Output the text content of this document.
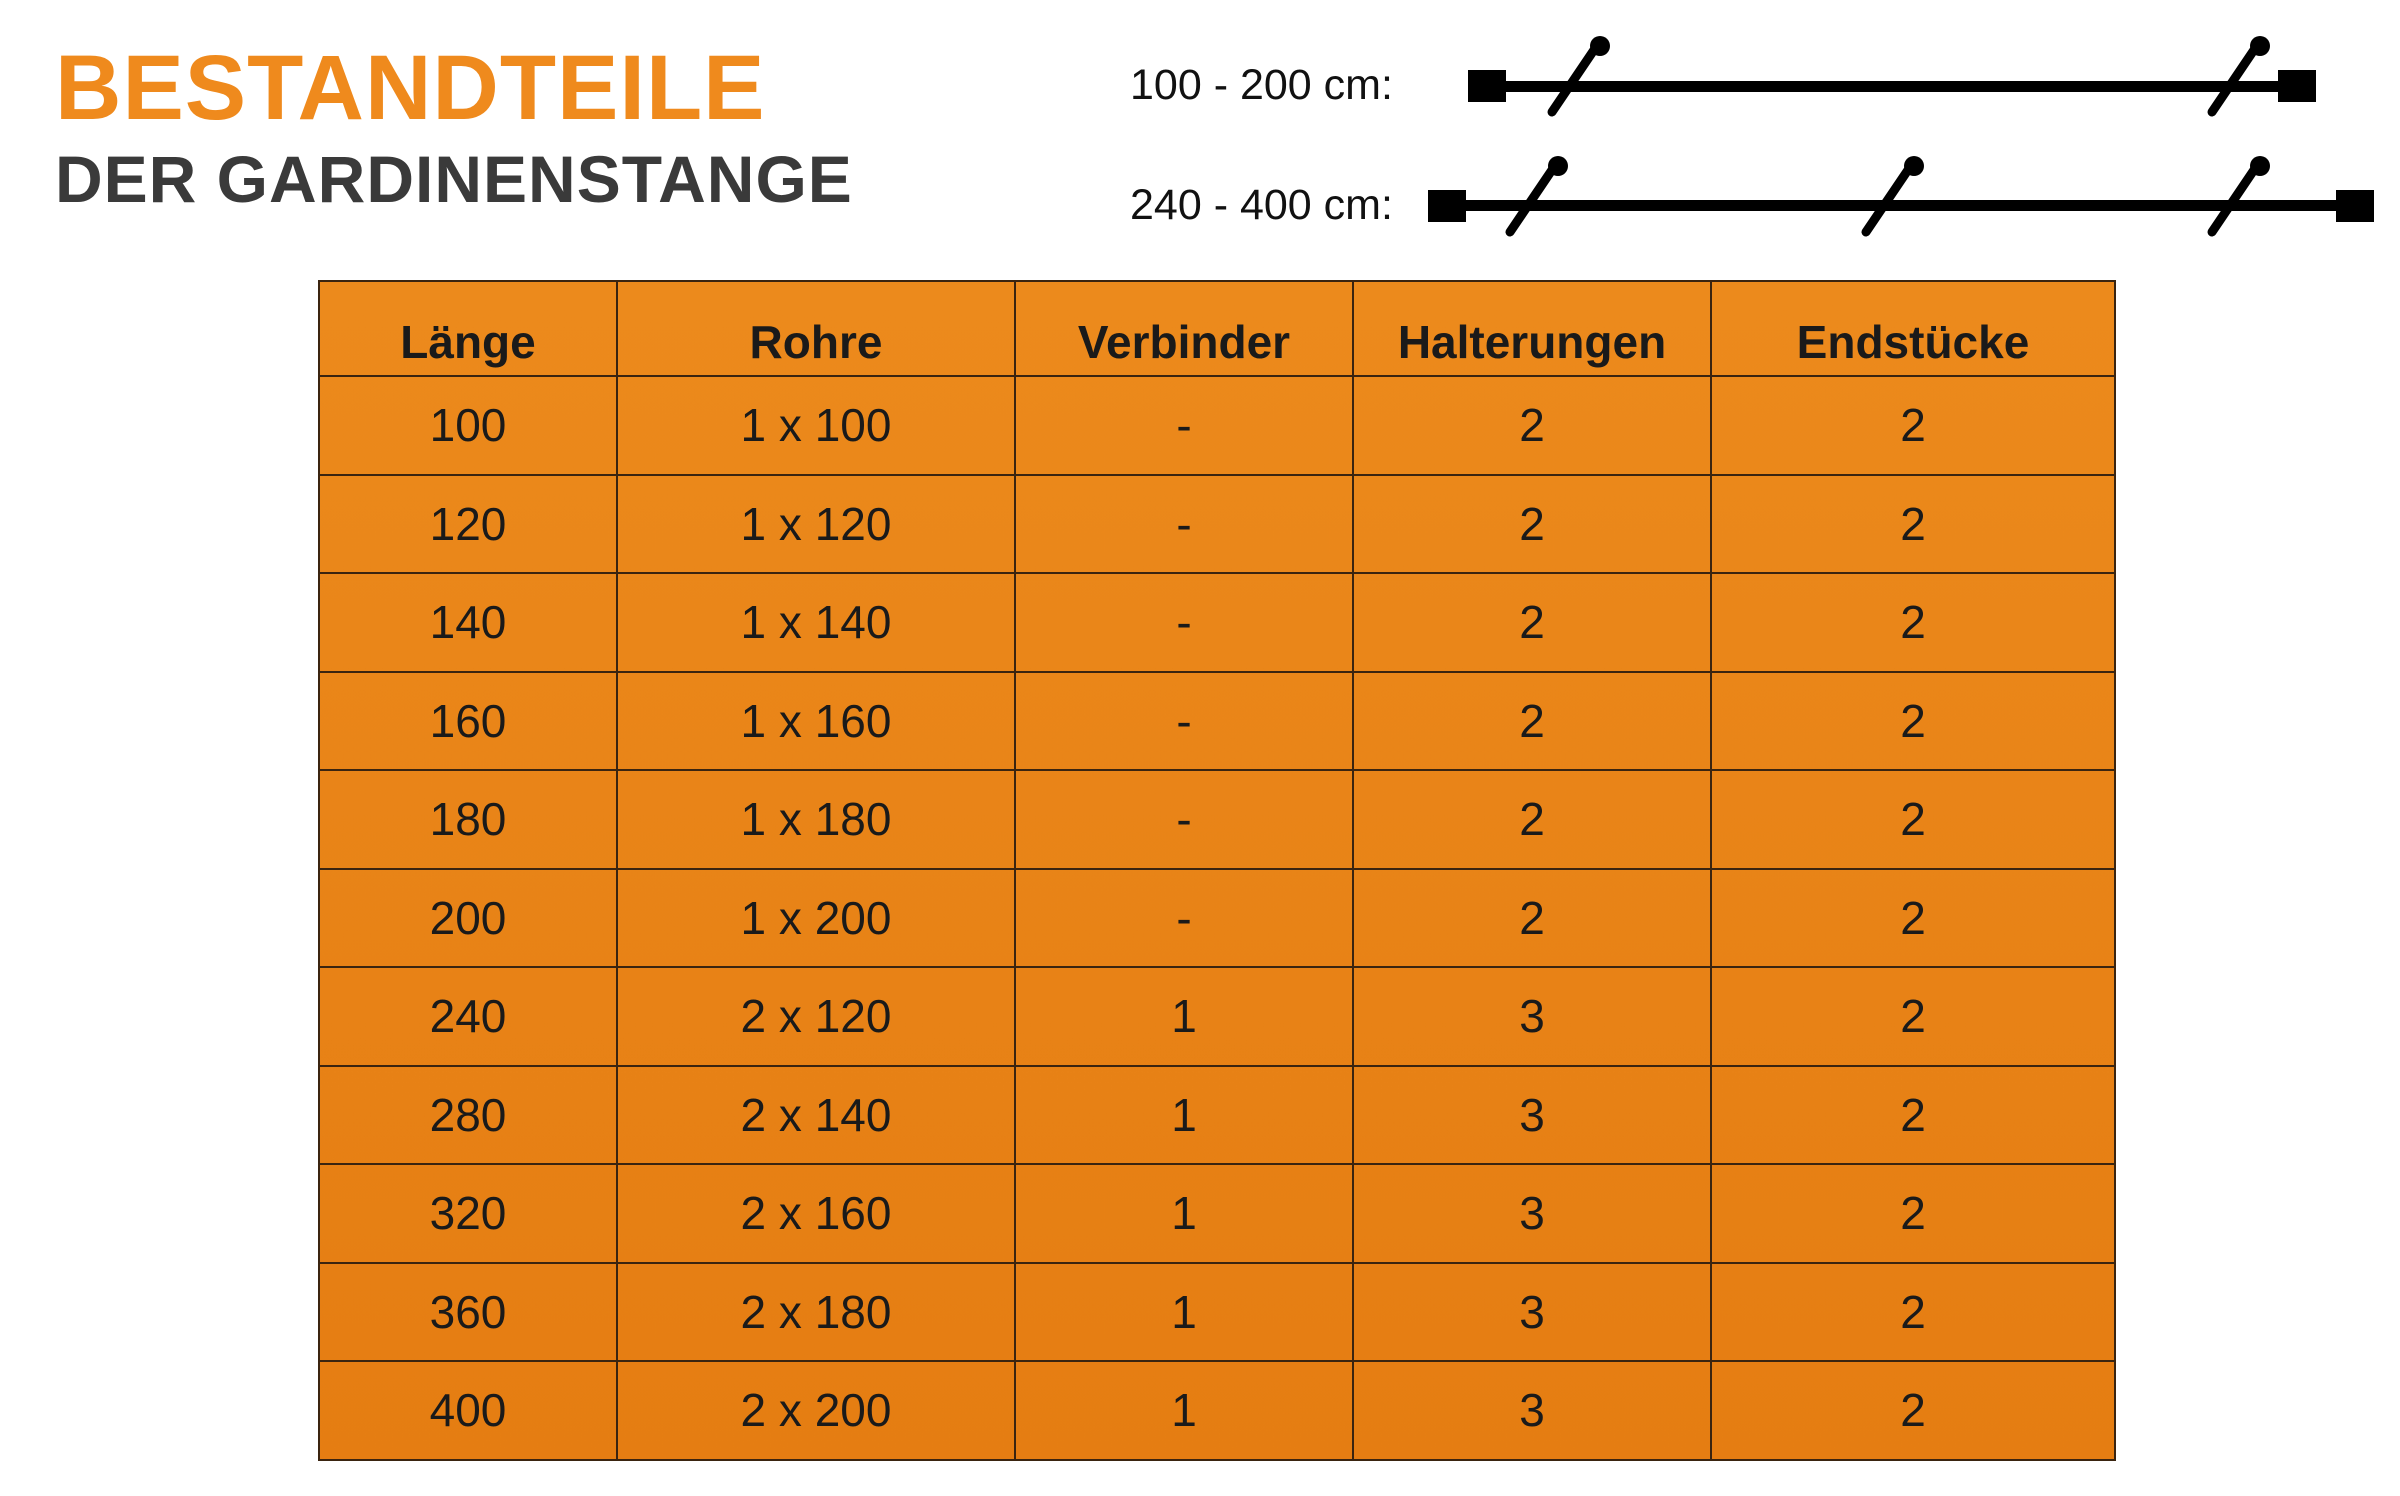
BESTANDTEILE
DER GARDINENSTANGE
100 - 200 cm:
240 - 400 cm:
Länge	Rohre	Verbinder	Halterungen	Endstücke
100	1 x 100	-	2	2
120	1 x 120	-	2	2
140	1 x 140	-	2	2
160	1 x 160	-	2	2
180	1 x 180	-	2	2
200	1 x 200	-	2	2
240	2 x 120	1	3	2
280	2 x 140	1	3	2
320	2 x 160	1	3	2
360	2 x 180	1	3	2
400	2 x 200	1	3	2
